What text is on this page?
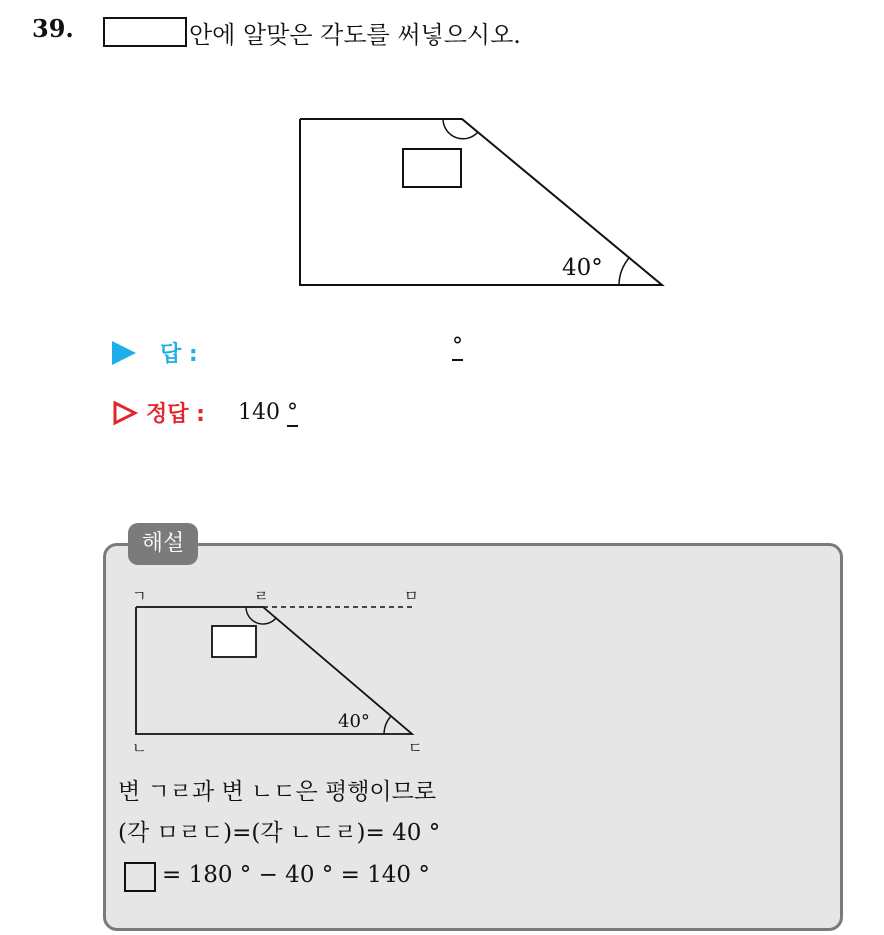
39.	안에 알맞은 각도를 써넣으시오.
40°
답 :	°
정답 : 140 °
해설
ㄱ	ㄹ	ㅁ
ㄴ	ㄷ
40°
변 ㄱㄹ과 변 ㄴㄷ은 평행이므로
(각 ㅁㄹㄷ)=(각 ㄴㄷㄹ)= 40 °
= 180 ° − 40 ° = 140 °
